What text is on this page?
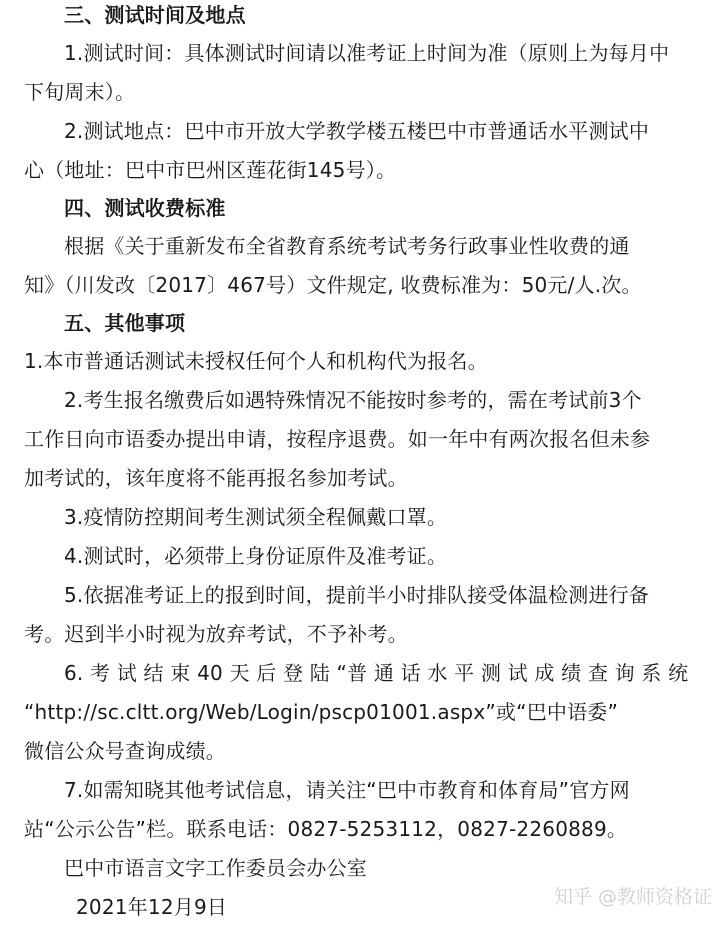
三、测试时间及地点
1.测试时间：具体测试时间请以准考证上时间为准（原则上为每月中
下旬周末）。
2.测试地点：巴中市开放大学教学楼五楼巴中市普通话水平测试中
心（地址：巴中市巴州区莲花街145号）。
四、测试收费标准
根据《关于重新发布全省教育系统考试考务行政事业性收费的通
知》（川发改〔2017〕467号）文件规定, 收费标准为：50元/人.次。
五、其他事项
1.本市普通话测试未授权任何个人和机构代为报名。
2.考生报名缴费后如遇特殊情况不能按时参考的，需在考试前3个
工作日向市语委办提出申请，按程序退费。如一年中有两次报名但未参
加考试的，该年度将不能再报名参加考试。
3.疫情防控期间考生测试须全程佩戴口罩。
4.测试时，必须带上身份证原件及准考证。
5.依据准考证上的报到时间，提前半小时排队接受体温检测进行备
考。迟到半小时视为放弃考试，不予补考。
6. 考 试 结 束 40 天 后 登 陆 “普 通 话 水 平 测 试 成 绩 查 询 系 统
“http://sc.cltt.org/Web/Login/pscp01001.aspx”或“巴中语委”
微信公众号查询成绩。
7.如需知晓其他考试信息，请关注“巴中市教育和体育局”官方网
站“公示公告”栏。联系电话：0827-5253112，0827-2260889。
巴中市语言文字工作委员会办公室
2021年12月9日	知乎 @教师资格证
